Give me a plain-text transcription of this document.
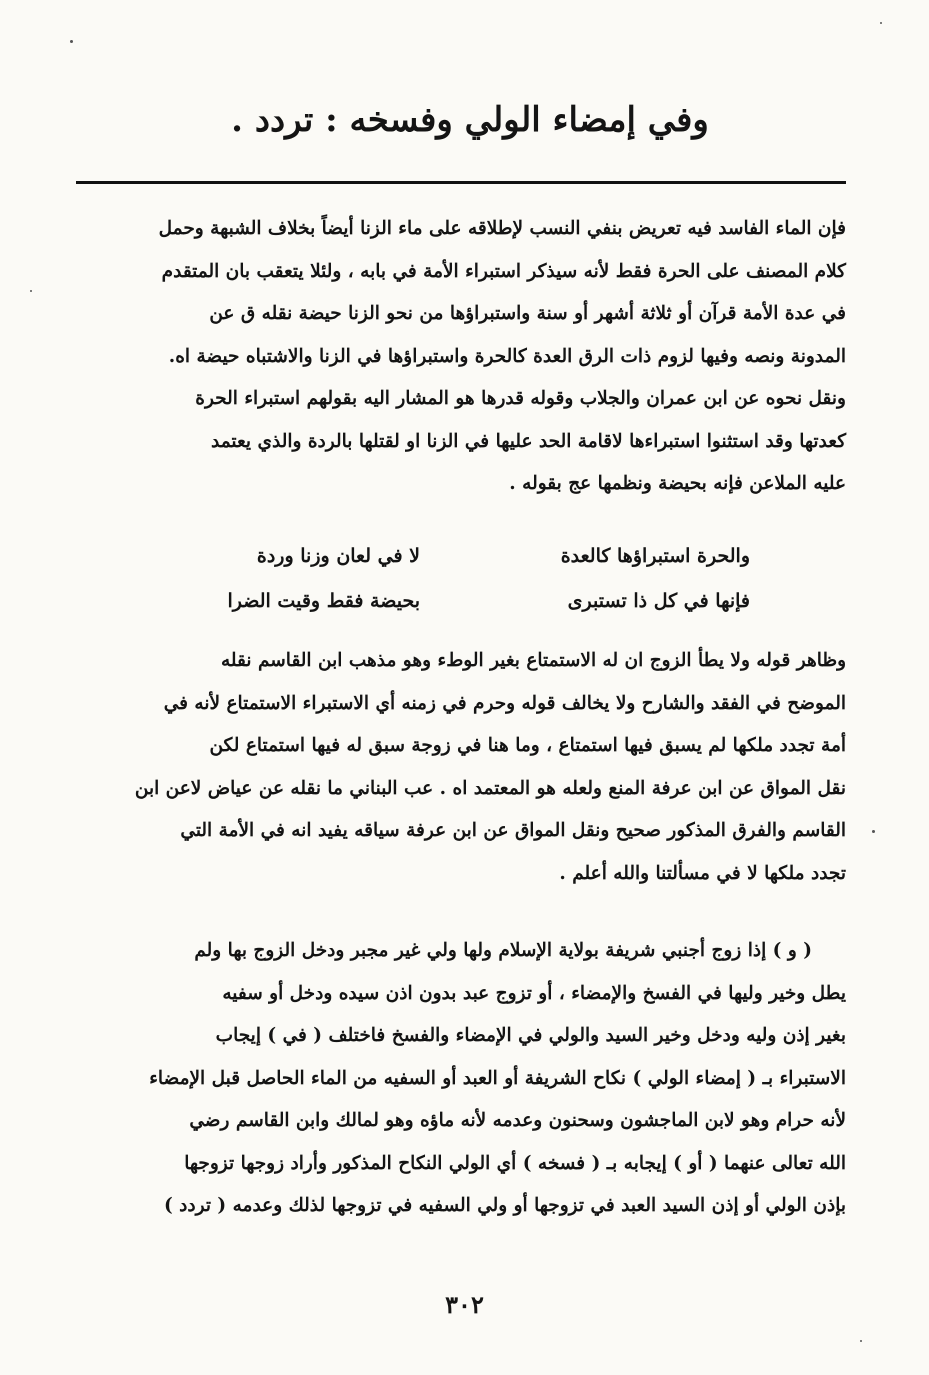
وفي إمضاء الولي وفسخه : تردد .
فإن الماء الفاسد فيه تعريض بنفي النسب لإطلاقه على ماء الزنا أيضاً بخلاف الشبهة وحمل
كلام المصنف على الحرة فقط لأنه سيذكر استبراء الأمة في بابه ، ولئلا يتعقب بان المتقدم
في عدة الأمة قرآن أو ثلاثة أشهر أو سنة واستبراؤها من نحو الزنا حيضة نقله ق عن
المدونة ونصه وفيها لزوم ذات الرق العدة كالحرة واستبراؤها في الزنا والاشتباه حيضة اه.
ونقل نحوه عن ابن عمران والجلاب وقوله قدرها هو المشار اليه بقولهم استبراء الحرة
كعدتها وقد استثنوا استبراءها لاقامة الحد عليها في الزنا او لقتلها بالردة والذي يعتمد
عليه الملاعن فإنه بحيضة ونظمها عج بقوله .
والحرة استبراؤها كالعدة
لا في لعان وزنا وردة
فإنها في كل ذا تستبرى
بحيضة فقط وقيت الضرا
وظاهر قوله ولا يطأ الزوج ان له الاستمتاع بغير الوطء وهو مذهب ابن القاسم نقله
الموضح في الفقد والشارح ولا يخالف قوله وحرم في زمنه أي الاستبراء الاستمتاع لأنه في
أمة تجدد ملكها لم يسبق فيها استمتاع ، وما هنا في زوجة سبق له فيها استمتاع لكن
نقل المواق عن ابن عرفة المنع ولعله هو المعتمد اه . عب البناني ما نقله عن عياض لاعن ابن
القاسم والفرق المذكور صحيح ونقل المواق عن ابن عرفة سياقه يفيد انه في الأمة التي
تجدد ملكها لا في مسألتنا والله أعلم .
( و ) إذا زوج أجنبي شريفة بولاية الإسلام ولها ولي غير مجبر ودخل الزوج بها ولم
يطل وخير وليها في الفسخ والإمضاء ، أو تزوج عبد بدون اذن سيده ودخل أو سفيه
بغير إذن وليه ودخل وخير السيد والولي في الإمضاء والفسخ فاختلف ( في ) إيجاب
الاستبراء بـ ( إمضاء الولي ) نكاح الشريفة أو العبد أو السفيه من الماء الحاصل قبل الإمضاء
لأنه حرام وهو لابن الماجشون وسحنون وعدمه لأنه ماؤه وهو لمالك وابن القاسم رضي
الله تعالى عنهما ( أو ) إيجابه بـ ( فسخه ) أي الولي النكاح المذكور وأراد زوجها تزوجها
بإذن الولي أو إذن السيد العبد في تزوجها أو ولي السفيه في تزوجها لذلك وعدمه ( تردد )
٣٠٢
